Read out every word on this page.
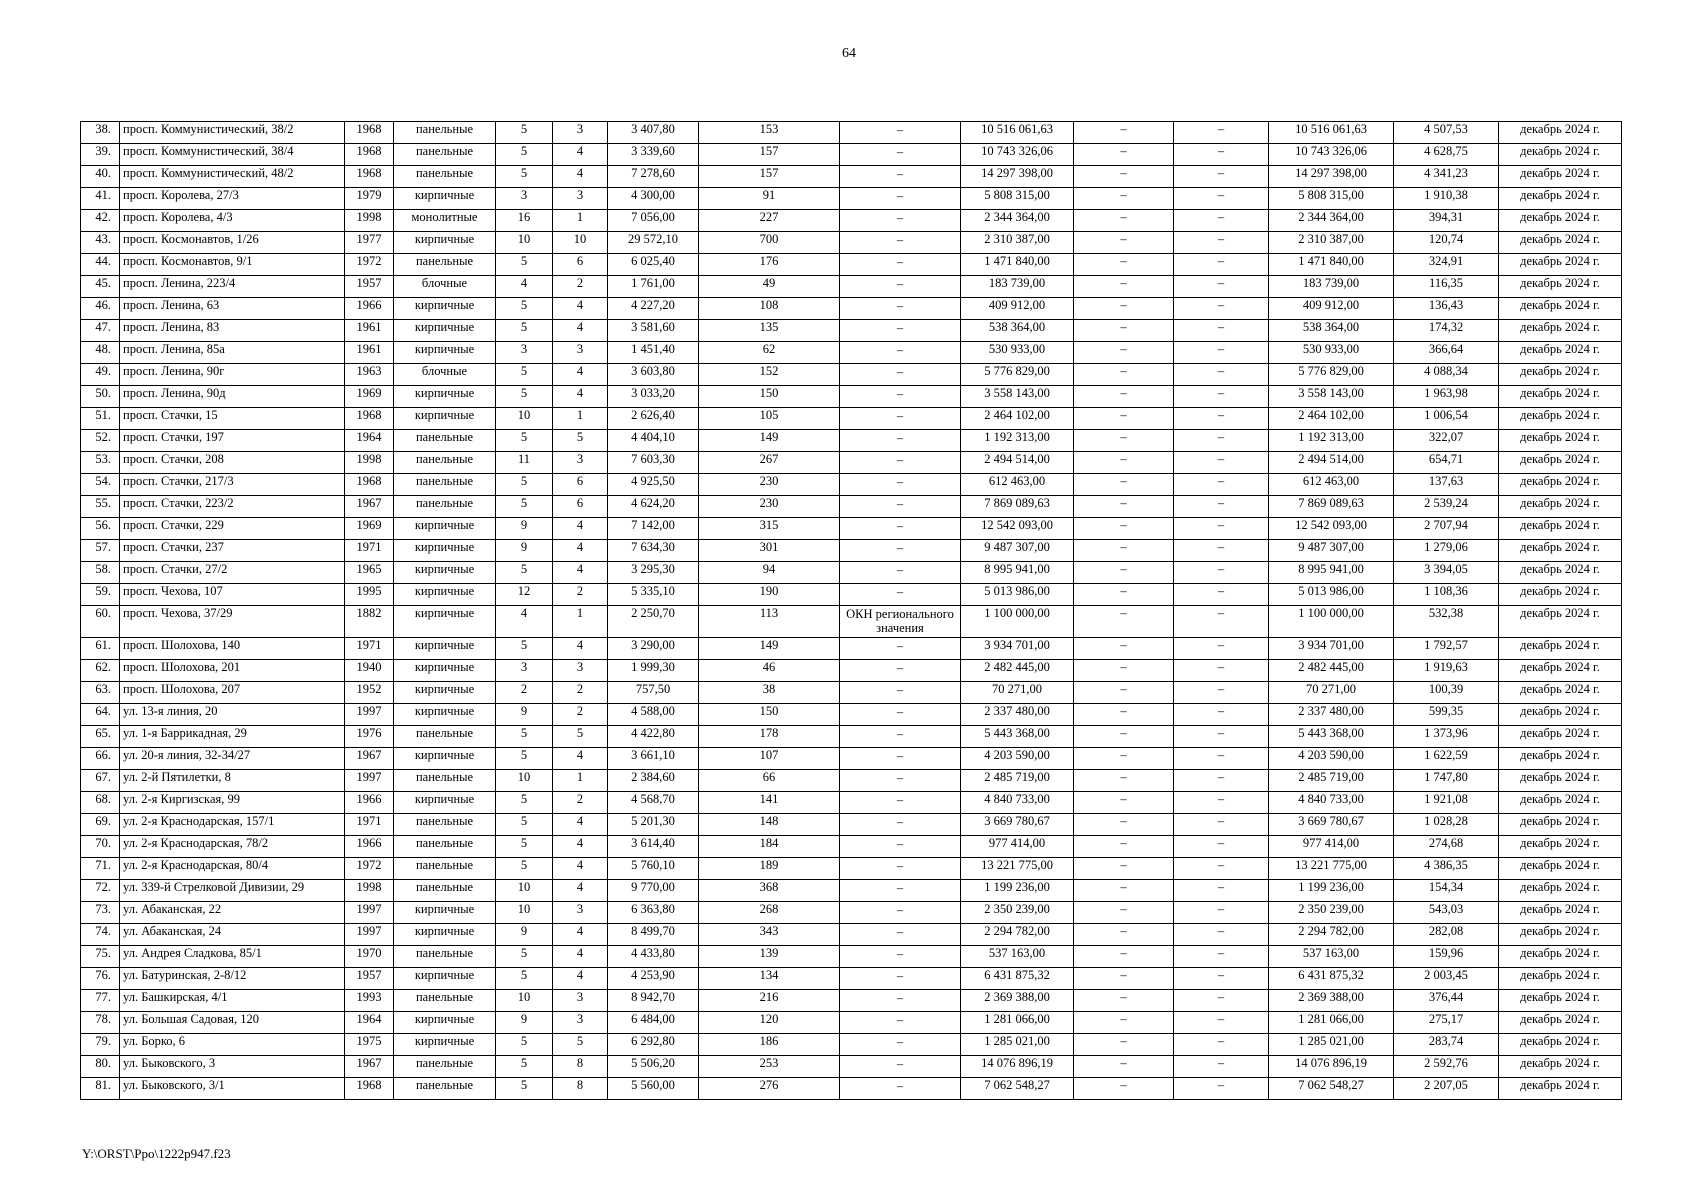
64
38.	просп. Коммунистический, 38/2	1968	панельные	5	3	3 407,80	153	–	10 516 061,63	–	–	10 516 061,63	4 507,53	декабрь 2024 г.
39.	просп. Коммунистический, 38/4	1968	панельные	5	4	3 339,60	157	–	10 743 326,06	–	–	10 743 326,06	4 628,75	декабрь 2024 г.
40.	просп. Коммунистический, 48/2	1968	панельные	5	4	7 278,60	157	–	14 297 398,00	–	–	14 297 398,00	4 341,23	декабрь 2024 г.
41.	просп. Королева, 27/3	1979	кирпичные	3	3	4 300,00	91	–	5 808 315,00	–	–	5 808 315,00	1 910,38	декабрь 2024 г.
42.	просп. Королева, 4/3	1998	монолитные	16	1	7 056,00	227	–	2 344 364,00	–	–	2 344 364,00	394,31	декабрь 2024 г.
43.	просп. Космонавтов, 1/26	1977	кирпичные	10	10	29 572,10	700	–	2 310 387,00	–	–	2 310 387,00	120,74	декабрь 2024 г.
44.	просп. Космонавтов, 9/1	1972	панельные	5	6	6 025,40	176	–	1 471 840,00	–	–	1 471 840,00	324,91	декабрь 2024 г.
45.	просп. Ленина, 223/4	1957	блочные	4	2	1 761,00	49	–	183 739,00	–	–	183 739,00	116,35	декабрь 2024 г.
46.	просп. Ленина, 63	1966	кирпичные	5	4	4 227,20	108	–	409 912,00	–	–	409 912,00	136,43	декабрь 2024 г.
47.	просп. Ленина, 83	1961	кирпичные	5	4	3 581,60	135	–	538 364,00	–	–	538 364,00	174,32	декабрь 2024 г.
48.	просп. Ленина, 85а	1961	кирпичные	3	3	1 451,40	62	–	530 933,00	–	–	530 933,00	366,64	декабрь 2024 г.
49.	просп. Ленина, 90г	1963	блочные	5	4	3 603,80	152	–	5 776 829,00	–	–	5 776 829,00	4 088,34	декабрь 2024 г.
50.	просп. Ленина, 90д	1969	кирпичные	5	4	3 033,20	150	–	3 558 143,00	–	–	3 558 143,00	1 963,98	декабрь 2024 г.
51.	просп. Стачки, 15	1968	кирпичные	10	1	2 626,40	105	–	2 464 102,00	–	–	2 464 102,00	1 006,54	декабрь 2024 г.
52.	просп. Стачки, 197	1964	панельные	5	5	4 404,10	149	–	1 192 313,00	–	–	1 192 313,00	322,07	декабрь 2024 г.
53.	просп. Стачки, 208	1998	панельные	11	3	7 603,30	267	–	2 494 514,00	–	–	2 494 514,00	654,71	декабрь 2024 г.
54.	просп. Стачки, 217/3	1968	панельные	5	6	4 925,50	230	–	612 463,00	–	–	612 463,00	137,63	декабрь 2024 г.
55.	просп. Стачки, 223/2	1967	панельные	5	6	4 624,20	230	–	7 869 089,63	–	–	7 869 089,63	2 539,24	декабрь 2024 г.
56.	просп. Стачки, 229	1969	кирпичные	9	4	7 142,00	315	–	12 542 093,00	–	–	12 542 093,00	2 707,94	декабрь 2024 г.
57.	просп. Стачки, 237	1971	кирпичные	9	4	7 634,30	301	–	9 487 307,00	–	–	9 487 307,00	1 279,06	декабрь 2024 г.
58.	просп. Стачки, 27/2	1965	кирпичные	5	4	3 295,30	94	–	8 995 941,00	–	–	8 995 941,00	3 394,05	декабрь 2024 г.
59.	просп. Чехова, 107	1995	кирпичные	12	2	5 335,10	190	–	5 013 986,00	–	–	5 013 986,00	1 108,36	декабрь 2024 г.
60.	просп. Чехова, 37/29	1882	кирпичные	4	1	2 250,70	113	ОКН регионального значения	1 100 000,00	–	–	1 100 000,00	532,38	декабрь 2024 г.
61.	просп. Шолохова, 140	1971	кирпичные	5	4	3 290,00	149	–	3 934 701,00	–	–	3 934 701,00	1 792,57	декабрь 2024 г.
62.	просп. Шолохова, 201	1940	кирпичные	3	3	1 999,30	46	–	2 482 445,00	–	–	2 482 445,00	1 919,63	декабрь 2024 г.
63.	просп. Шолохова, 207	1952	кирпичные	2	2	757,50	38	–	70 271,00	–	–	70 271,00	100,39	декабрь 2024 г.
64.	ул. 13-я линия, 20	1997	кирпичные	9	2	4 588,00	150	–	2 337 480,00	–	–	2 337 480,00	599,35	декабрь 2024 г.
65.	ул. 1-я Баррикадная, 29	1976	панельные	5	5	4 422,80	178	–	5 443 368,00	–	–	5 443 368,00	1 373,96	декабрь 2024 г.
66.	ул. 20-я линия, 32-34/27	1967	кирпичные	5	4	3 661,10	107	–	4 203 590,00	–	–	4 203 590,00	1 622,59	декабрь 2024 г.
67.	ул. 2-й Пятилетки, 8	1997	панельные	10	1	2 384,60	66	–	2 485 719,00	–	–	2 485 719,00	1 747,80	декабрь 2024 г.
68.	ул. 2-я Киргизская, 99	1966	кирпичные	5	2	4 568,70	141	–	4 840 733,00	–	–	4 840 733,00	1 921,08	декабрь 2024 г.
69.	ул. 2-я Краснодарская, 157/1	1971	панельные	5	4	5 201,30	148	–	3 669 780,67	–	–	3 669 780,67	1 028,28	декабрь 2024 г.
70.	ул. 2-я Краснодарская, 78/2	1966	панельные	5	4	3 614,40	184	–	977 414,00	–	–	977 414,00	274,68	декабрь 2024 г.
71.	ул. 2-я Краснодарская, 80/4	1972	панельные	5	4	5 760,10	189	–	13 221 775,00	–	–	13 221 775,00	4 386,35	декабрь 2024 г.
72.	ул. 339-й Стрелковой Дивизии, 29	1998	панельные	10	4	9 770,00	368	–	1 199 236,00	–	–	1 199 236,00	154,34	декабрь 2024 г.
73.	ул. Абаканская, 22	1997	кирпичные	10	3	6 363,80	268	–	2 350 239,00	–	–	2 350 239,00	543,03	декабрь 2024 г.
74.	ул. Абаканская, 24	1997	кирпичные	9	4	8 499,70	343	–	2 294 782,00	–	–	2 294 782,00	282,08	декабрь 2024 г.
75.	ул. Андрея Сладкова, 85/1	1970	панельные	5	4	4 433,80	139	–	537 163,00	–	–	537 163,00	159,96	декабрь 2024 г.
76.	ул. Батуринская, 2-8/12	1957	кирпичные	5	4	4 253,90	134	–	6 431 875,32	–	–	6 431 875,32	2 003,45	декабрь 2024 г.
77.	ул. Башкирская, 4/1	1993	панельные	10	3	8 942,70	216	–	2 369 388,00	–	–	2 369 388,00	376,44	декабрь 2024 г.
78.	ул. Большая Садовая, 120	1964	кирпичные	9	3	6 484,00	120	–	1 281 066,00	–	–	1 281 066,00	275,17	декабрь 2024 г.
79.	ул. Борко, 6	1975	кирпичные	5	5	6 292,80	186	–	1 285 021,00	–	–	1 285 021,00	283,74	декабрь 2024 г.
80.	ул. Быковского, 3	1967	панельные	5	8	5 506,20	253	–	14 076 896,19	–	–	14 076 896,19	2 592,76	декабрь 2024 г.
81.	ул. Быковского, 3/1	1968	панельные	5	8	5 560,00	276	–	7 062 548,27	–	–	7 062 548,27	2 207,05	декабрь 2024 г.
Y:\ORST\Ppo\1222p947.f23
